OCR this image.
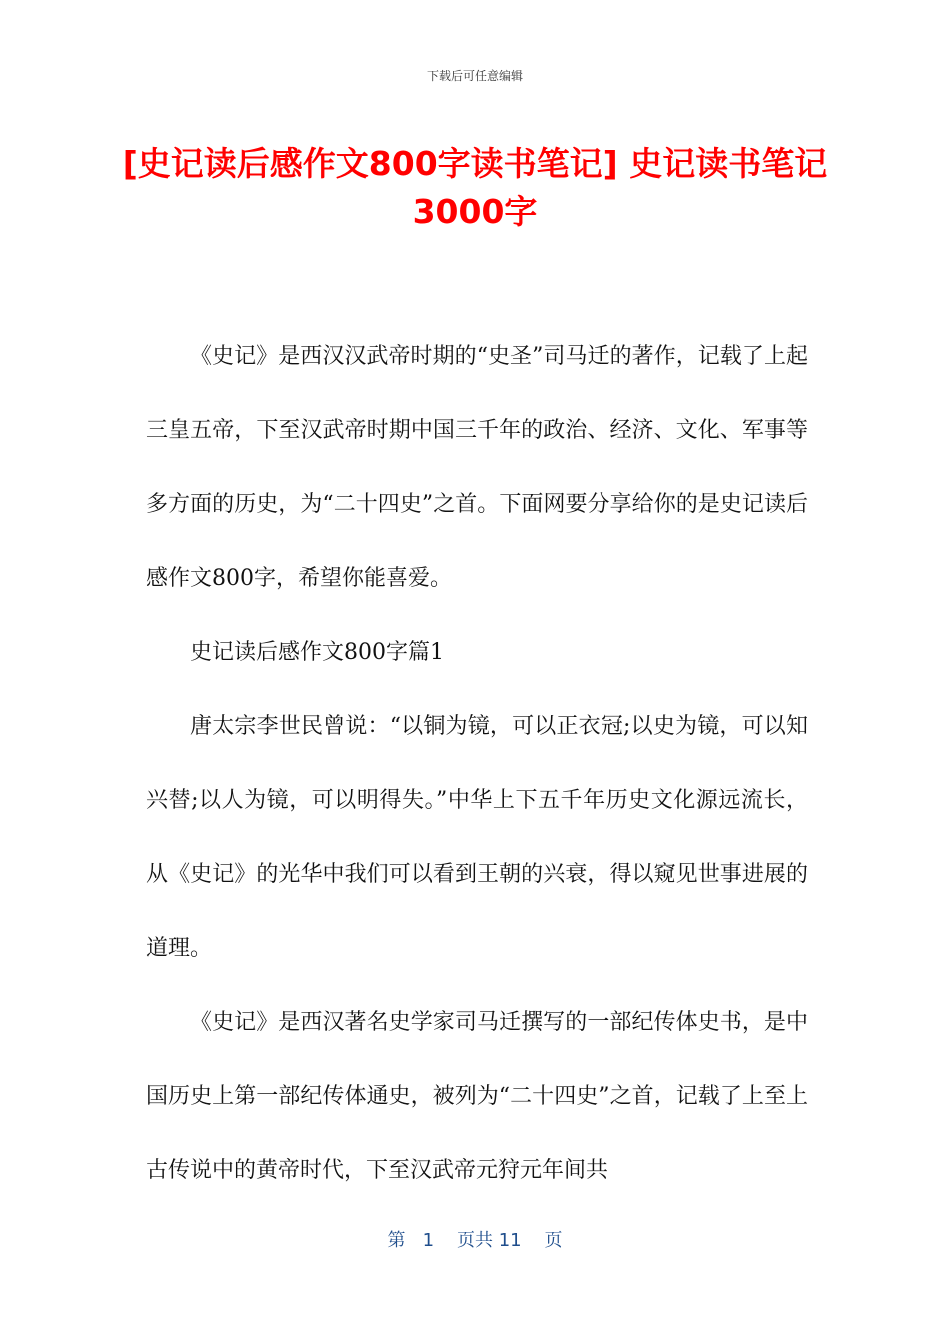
下载后可任意编辑
[史记读后感作文800字读书笔记] 史记读书笔记3000字

《史记》是西汉汉武帝时期的“史圣”司马迁的著作，记载了上起三皇五帝，下至汉武帝时期中国三千年的政治、经济、文化、军事等多方面的历史，为“二十四史”之首。下面网要分享给你的是史记读后感作文800字，希望你能喜爱。

史记读后感作文800字篇1

唐太宗李世民曾说：“以铜为镜，可以正衣冠;以史为镜，可以知兴替;以人为镜，可以明得失。”中华上下五千年历史文化源远流长，从《史记》的光华中我们可以看到王朝的兴衰，得以窥见世事进展的道理。

《史记》是西汉著名史学家司马迁撰写的一部纪传体史书，是中国历史上第一部纪传体通史，被列为“二十四史”之首，记载了上至上古传说中的黄帝时代，下至汉武帝元狩元年间共

第 1 页共 11 页
